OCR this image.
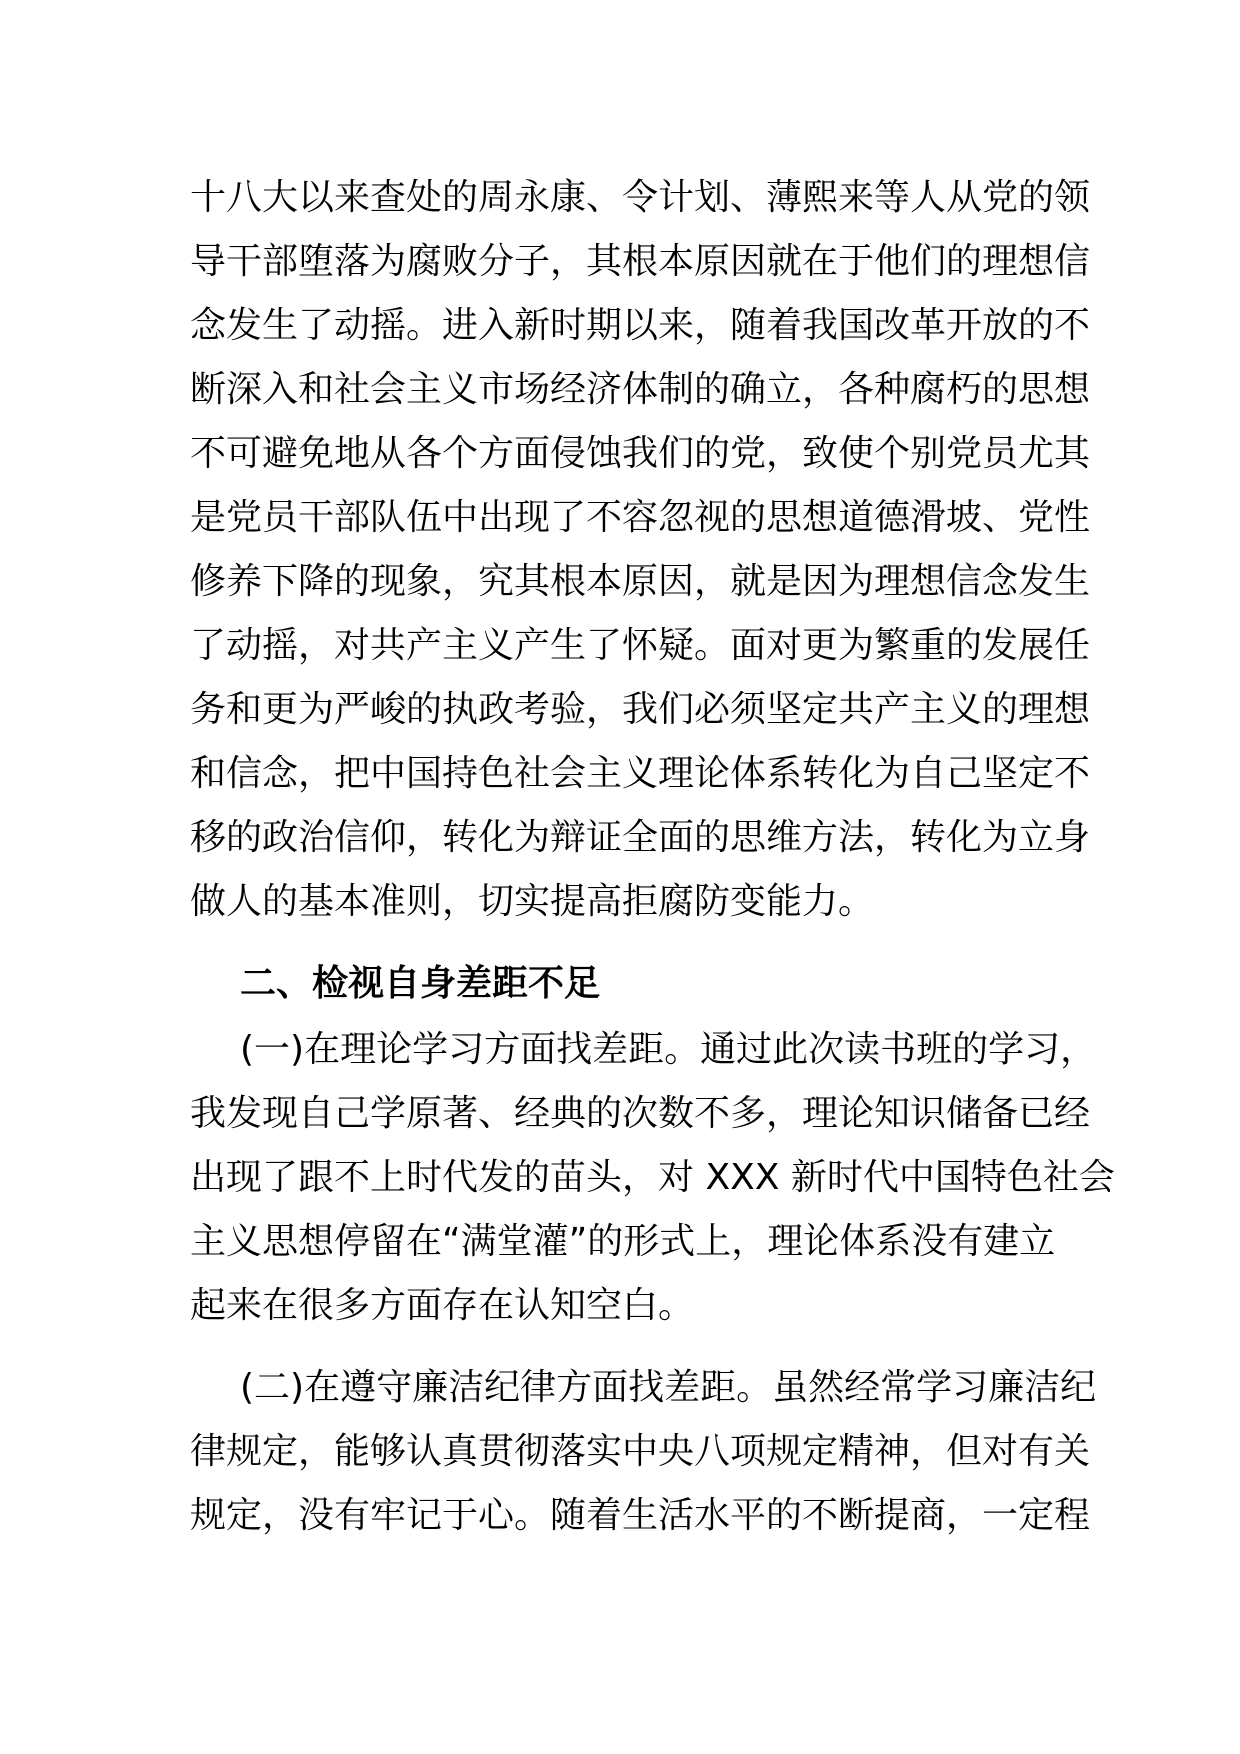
十八大以来查处的周永康、令计划、薄熙来等人从党的领
导干部堕落为腐败分子，其根本原因就在于他们的理想信
念发生了动摇。进入新时期以来，随着我国改革开放的不
断深入和社会主义市场经济体制的确立，各种腐朽的思想
不可避免地从各个方面侵蚀我们的党，致使个别党员尤其
是党员干部队伍中出现了不容忽视的思想道德滑坡、党性
修养下降的现象，究其根本原因，就是因为理想信念发生
了动摇，对共产主义产生了怀疑。面对更为繁重的发展任
务和更为严峻的执政考验，我们必须坚定共产主义的理想
和信念，把中国持色社会主义理论体系转化为自己坚定不
移的政治信仰，转化为辩证全面的思维方法，转化为立身
做人的基本准则，切实提高拒腐防变能力。
二、检视自身差距不足
(一)在理论学习方面找差距。通过此次读书班的学习，
我发现自己学原著、经典的次数不多，理论知识储备已经
出现了跟不上时代发的苗头，对 XXX 新时代中国特色社会
主义思想停留在“满堂灌”的形式上，理论体系没有建立
起来在很多方面存在认知空白。
(二)在遵守廉洁纪律方面找差距。虽然经常学习廉洁纪
律规定，能够认真贯彻落实中央八项规定精神，但对有关
规定，没有牢记于心。随着生活水平的不断提商，一定程
